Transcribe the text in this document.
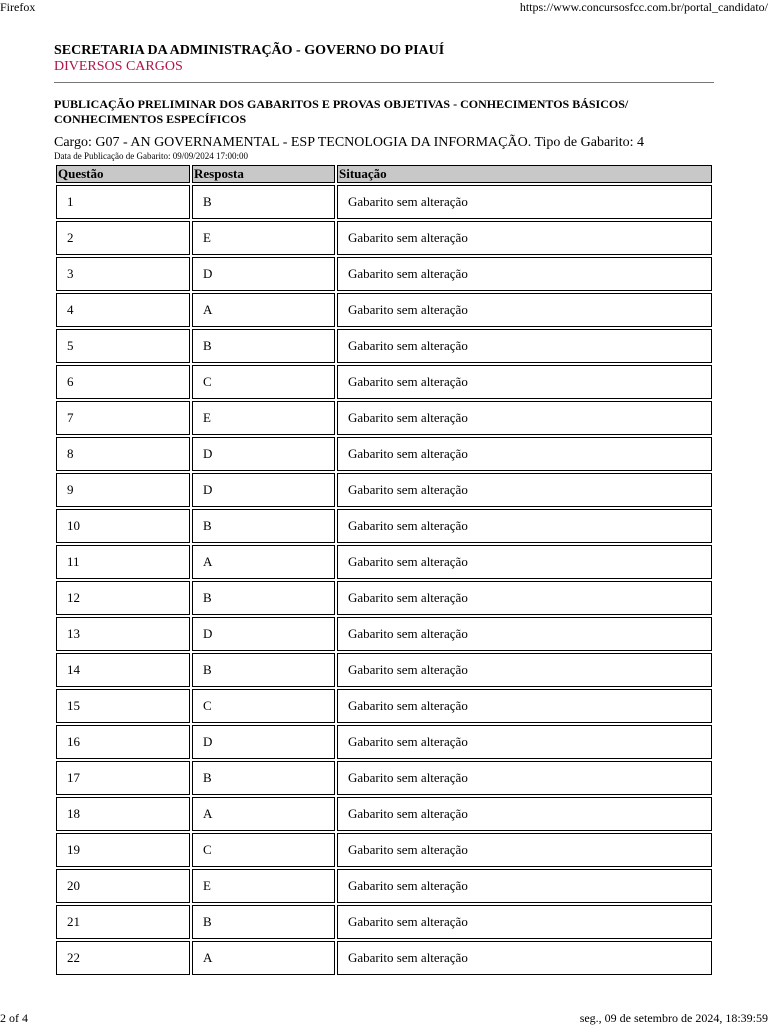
Firefox	https://www.concursosfcc.com.br/portal_candidato/
SECRETARIA DA ADMINISTRAÇÃO - GOVERNO DO PIAUÍ
DIVERSOS CARGOS
PUBLICAÇÃO PRELIMINAR DOS GABARITOS E PROVAS OBJETIVAS - CONHECIMENTOS BÁSICOS/ CONHECIMENTOS ESPECÍFICOS
Cargo: G07 - AN GOVERNAMENTAL - ESP TECNOLOGIA DA INFORMAÇÃO. Tipo de Gabarito: 4
Data de Publicação de Gabarito: 09/09/2024 17:00:00
Questão	Resposta	Situação
1	B	Gabarito sem alteração
2	E	Gabarito sem alteração
3	D	Gabarito sem alteração
4	A	Gabarito sem alteração
5	B	Gabarito sem alteração
6	C	Gabarito sem alteração
7	E	Gabarito sem alteração
8	D	Gabarito sem alteração
9	D	Gabarito sem alteração
10	B	Gabarito sem alteração
11	A	Gabarito sem alteração
12	B	Gabarito sem alteração
13	D	Gabarito sem alteração
14	B	Gabarito sem alteração
15	C	Gabarito sem alteração
16	D	Gabarito sem alteração
17	B	Gabarito sem alteração
18	A	Gabarito sem alteração
19	C	Gabarito sem alteração
20	E	Gabarito sem alteração
21	B	Gabarito sem alteração
22	A	Gabarito sem alteração
2 of 4	seg., 09 de setembro de 2024, 18:39:59
